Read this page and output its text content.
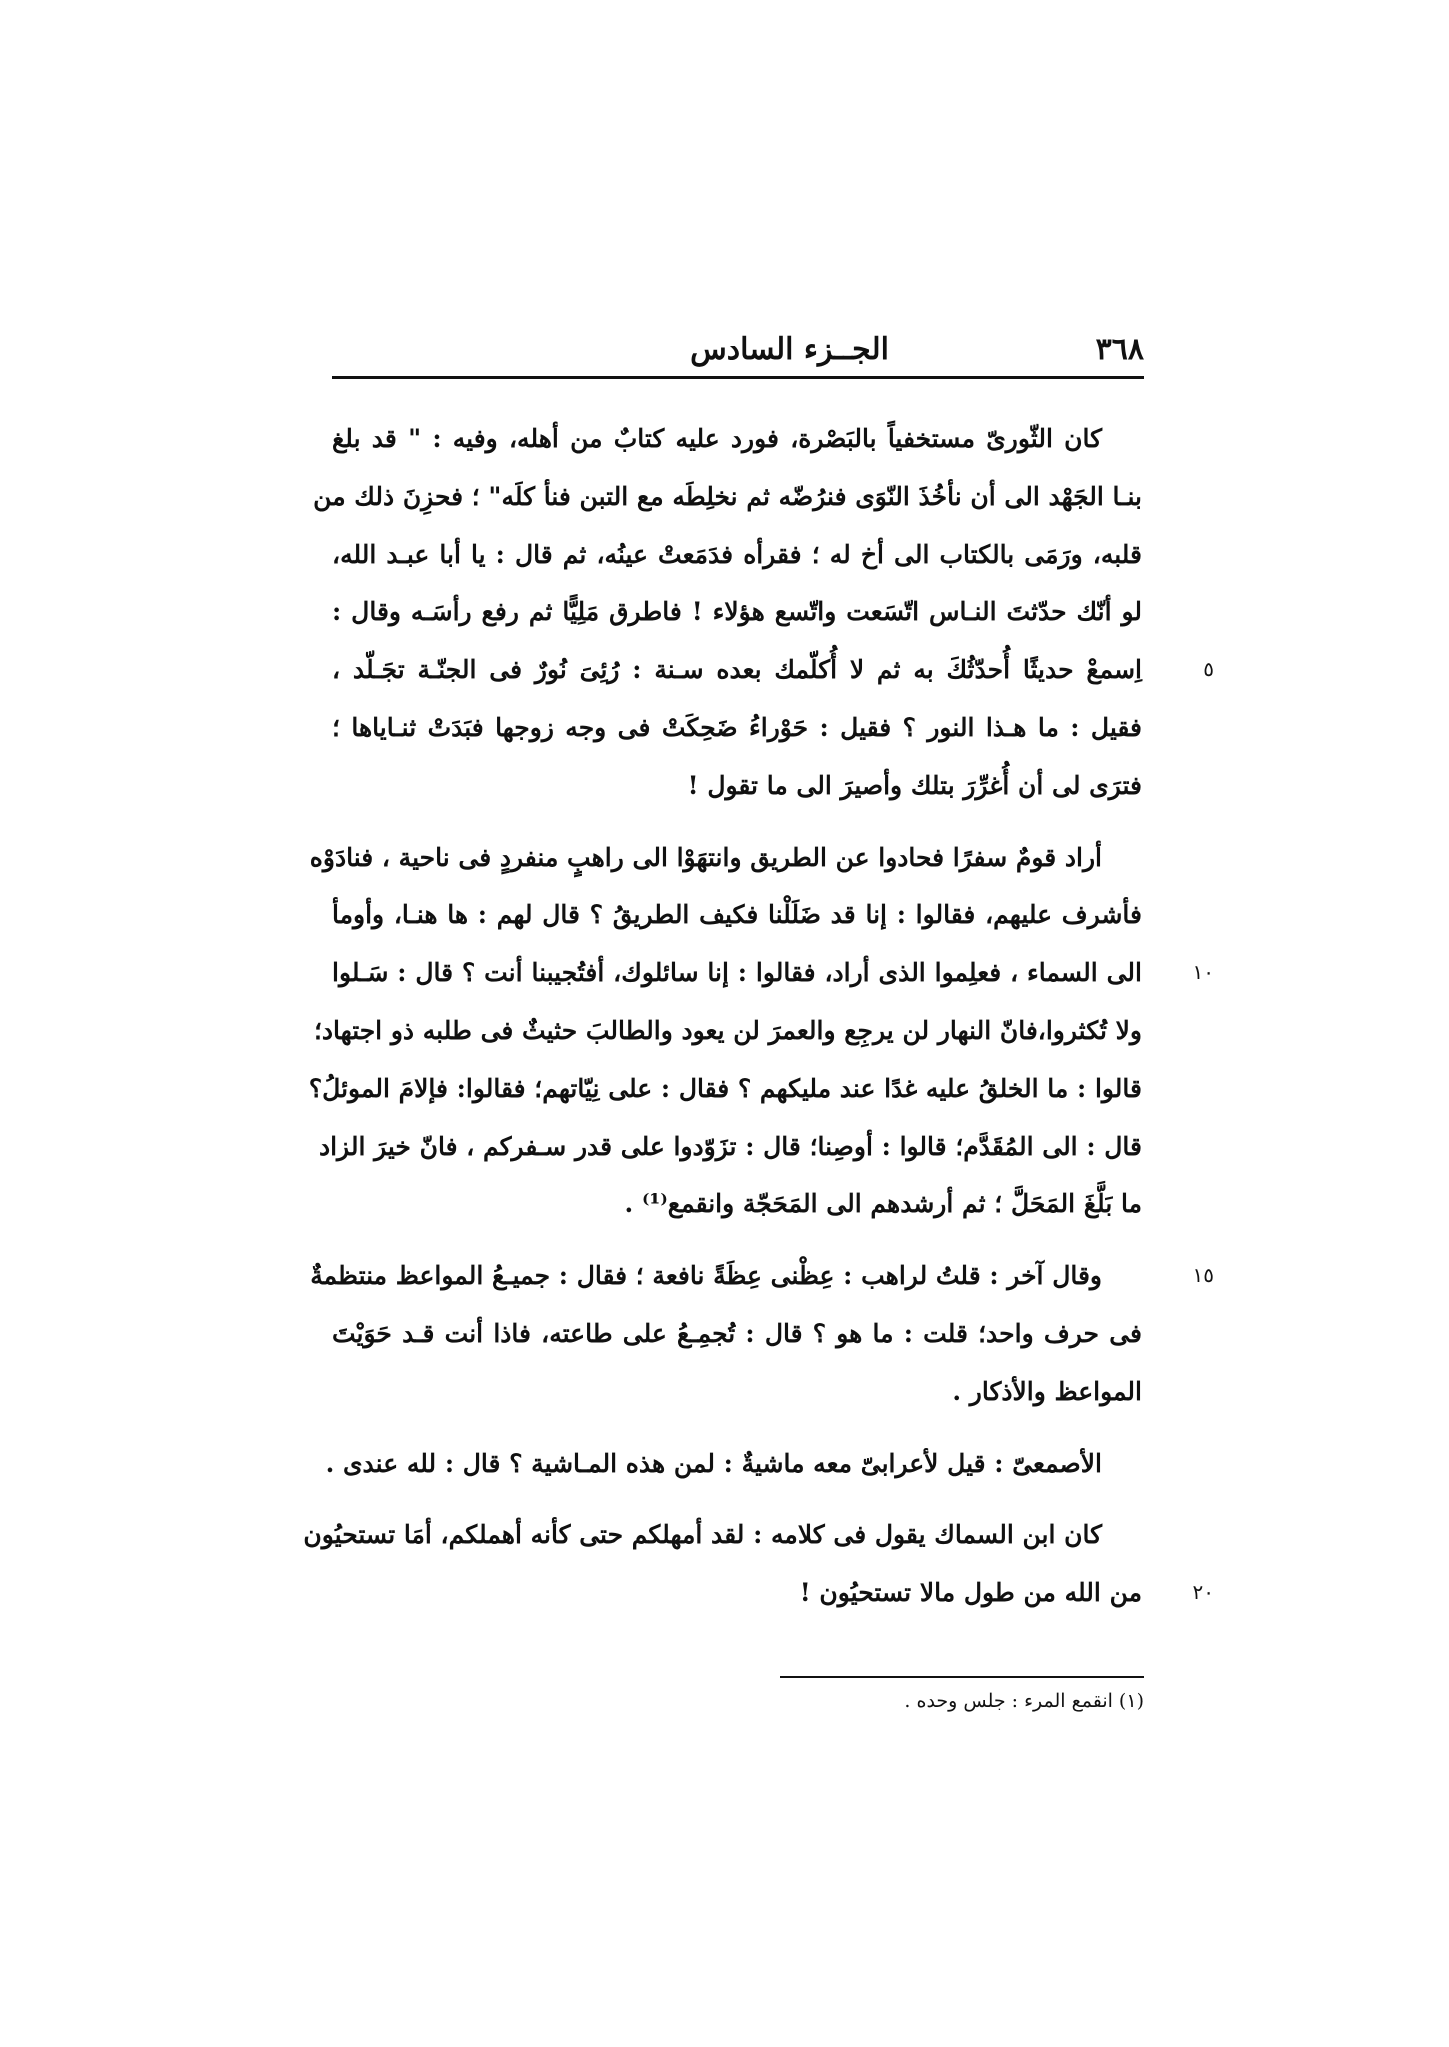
٣٦٨
الجــزء السادس
كان الثّورىّ مستخفياً بالبَصْرة، فورد عليه كتابٌ من أهله، وفيه : " قد بلغ
بنـا الجَهْد الى أن نأخُذَ النّوَى فنرُضّه ثم نخلِطَه مع التبن فنأ كلَه" ؛ فحزِنَ ذلك من
قلبه، ورَمَى بالكتاب الى أخ له ؛ فقرأه فدَمَعتْ عينُه، ثم قال : يا أبا عبـد الله،
لو أنّك حدّثتَ النـاس اتّسَعت واتّسع هؤلاء ! فاطرق مَلِيًّا ثم رفع رأسَـه وقال :
اِسمعْ حديثًا أُحدّثُكَ به ثم لا أُكلّمك بعده سـنة : رُئِىَ نُورٌ فى الجنّـة تجَـلّد ،	٥
فقيل : ما هـذا النور ؟ فقيل : حَوْراءُ ضَحِكَتْ فى وجه زوجها فبَدَتْ ثنـاياها ؛
فترَى لى أن أُغرِّرَ بتلك وأصيرَ الى ما تقول !
أراد قومٌ سفرًا فحادوا عن الطريق وانتهَوْا الى راهبٍ منفردٍ فى ناحية ، فنادَوْه
فأشرف عليهم، فقالوا : إنا قد ضَلَلْنا فكيف الطريقُ ؟ قال لهم : ها هنـا، وأومأ
الى السماء ، فعلِموا الذى أراد، فقالوا : إنا سائلوك، أفتُجيبنا أنت ؟ قال : سَـلوا	١٠
ولا تُكثروا،فانّ النهار لن يرجِع والعمرَ لن يعود والطالبَ حثيثٌ فى طلبه ذو اجتهاد؛
قالوا : ما الخلقُ عليه غدًا عند مليكهم ؟ فقال : على نِيّاتهم؛ فقالوا: فإلامَ الموئلُ؟
قال : الى المُقَدَّم؛ قالوا : أوصِنا؛ قال : تزَوّدوا على قدر سـفركم ، فانّ خيرَ الزاد
ما بَلَّغَ المَحَلَّ ؛ ثم أرشدهم الى المَحَجّة وانقمع⁽¹⁾ .
وقال آخر : قلتُ لراهب : عِظْنى عِظَةً نافعة ؛ فقال : جميـعُ المواعظ منتظمةٌ	١٥
فى حرف واحد؛ قلت : ما هو ؟ قال : تُجمِـعُ على طاعته، فاذا أنت قـد حَوَيْتَ
المواعظ والأذكار .
الأصمعىّ : قيل لأعرابىّ معه ماشيةٌ : لمن هذه المـاشية ؟ قال : لله عندى .
كان ابن السماك يقول فى كلامه : لقد أمهلكم حتى كأنه أهملكم، أمَا تستحيُون
من الله من طول مالا تستحيُون !	٢٠
(١) انقمع المرء : جلس وحده .
